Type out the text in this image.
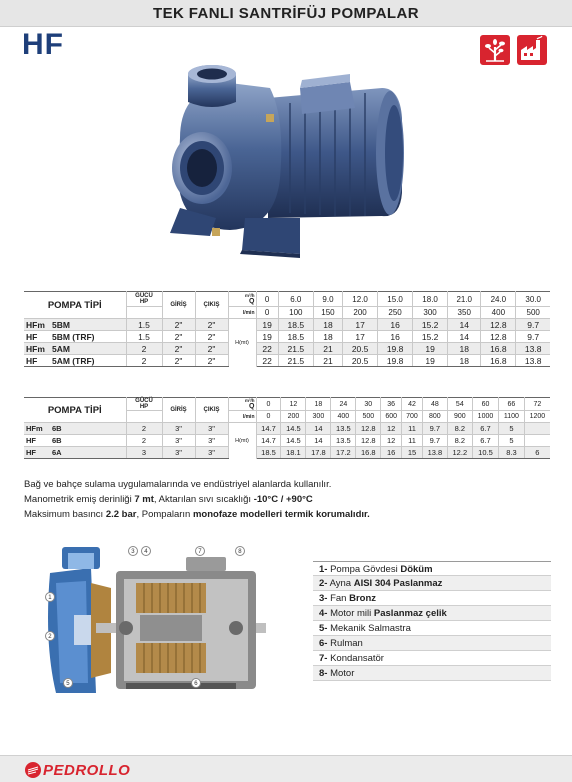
TEK FANLI SANTRİFÜJ POMPALAR
HF
POMPA TİPİ	GÜCÜ
HP	GİRİŞ	ÇIKIŞ	m³/h
Q	0	6.0	9.0	12.0	15.0	18.0	21.0	24.0	30.0
				l/min	0	100	150	200	250	300	350	400	500
HFm 5BM	1.5	2"	2"	H(mt)	19	18.5	18	17	16	15.2	14	12.8	9.7
HF 5BM (TRF)	1.5	2"	2"		19	18.5	18	17	16	15.2	14	12.8	9.7
HFm 5AM	2	2"	2"		22	21.5	21	20.5	19.8	19	18	16.8	13.8
HF 5AM (TRF)	2	2"	2"		22	21.5	21	20.5	19.8	19	18	16.8	13.8
POMPA TİPİ	GÜCÜ
HP	GİRİŞ	ÇIKIŞ	m³/h
Q	0	12	18	24	30	36	42	48	54	60	66	72
				l/min	0	200	300	400	500	600	700	800	900	1000	1100	1200
HFm 6B	2	3"	3"	H(mt)	14.7	14.5	14	13.5	12.8	12	11	9.7	8.2	6.7	5	
HF 6B	2	3"	3"		14.7	14.5	14	13.5	12.8	12	11	9.7	8.2	6.7	5	
HF 6A	3	3"	3"		18.5	18.1	17.8	17.2	16.8	16	15	13.8	12.2	10.5	8.3	6
Bağ ve bahçe sulama uygulamalarında ve endüstriyel alanlarda kullanılır.
Manometrik emiş derinliği 7 mt, Aktarılan sıvı sıcaklığı -10°C / +90°C
Maksimum basıncı 2.2 bar, Pompaların monofaze modelleri termik korumalıdır.
1
2
3 4
5	6
7	8
1- Pompa Gövdesi Döküm
2- Ayna AISI 304 Paslanmaz
3- Fan Bronz
4- Motor mili Paslanmaz çelik
5- Mekanik Salmastra
6- Rulman
7- Kondansatör
8- Motor
PEDROLLO
